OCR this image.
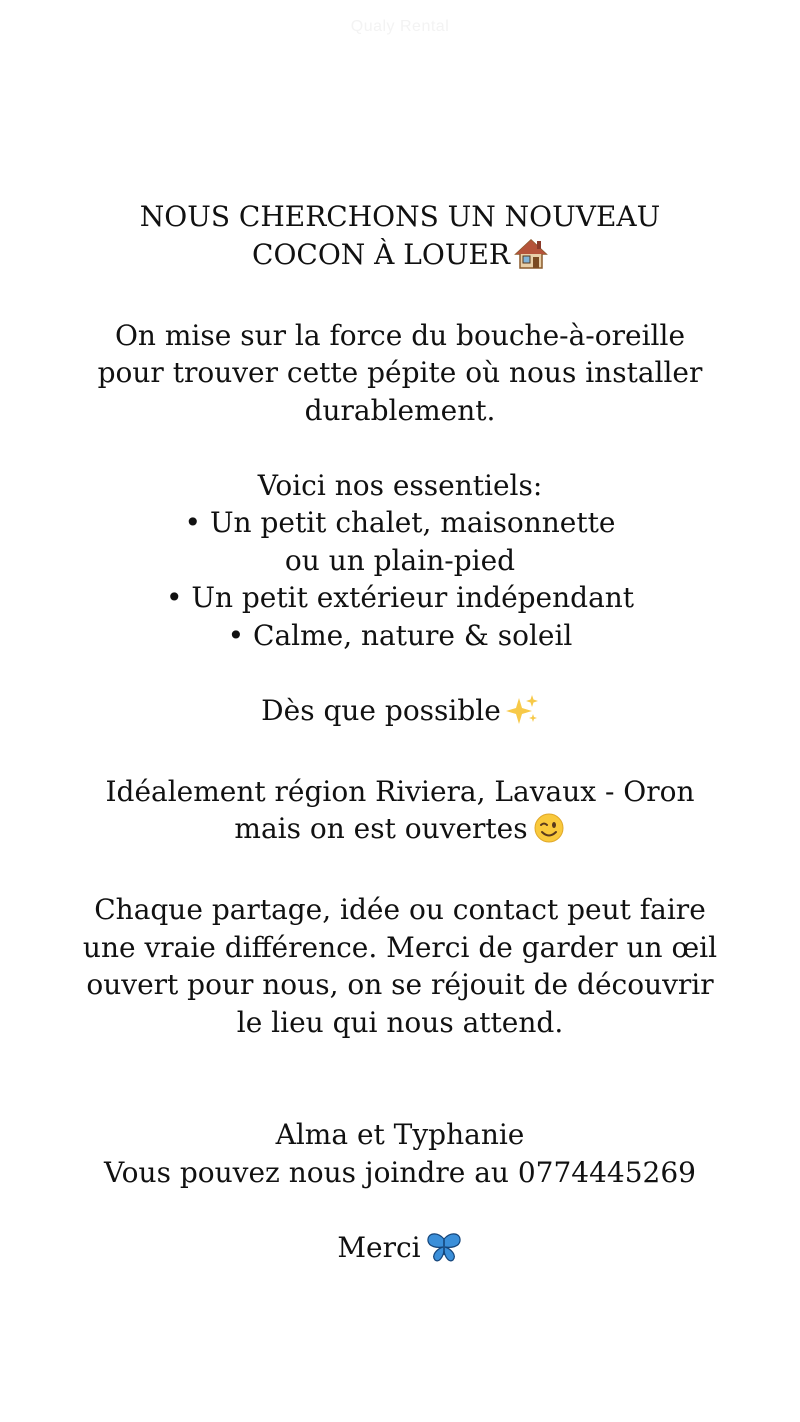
Qualy Rental

NOUS CHERCHONS UN NOUVEAU

COCON À LOUER

On mise sur la force du bouche-à-oreille

pour trouver cette pépite où nous installer

durablement.

Voici nos essentiels:

• Un petit chalet, maisonnette

ou un plain-pied

• Un petit extérieur indépendant

• Calme, nature & soleil

Dès que possible

Idéalement région Riviera, Lavaux - Oron

mais on est ouvertes

Chaque partage, idée ou contact peut faire

une vraie différence. Merci de garder un œil

ouvert pour nous, on se réjouit de découvrir

le lieu qui nous attend.

Alma et Typhanie

Vous pouvez nous joindre au 0774445269

Merci
